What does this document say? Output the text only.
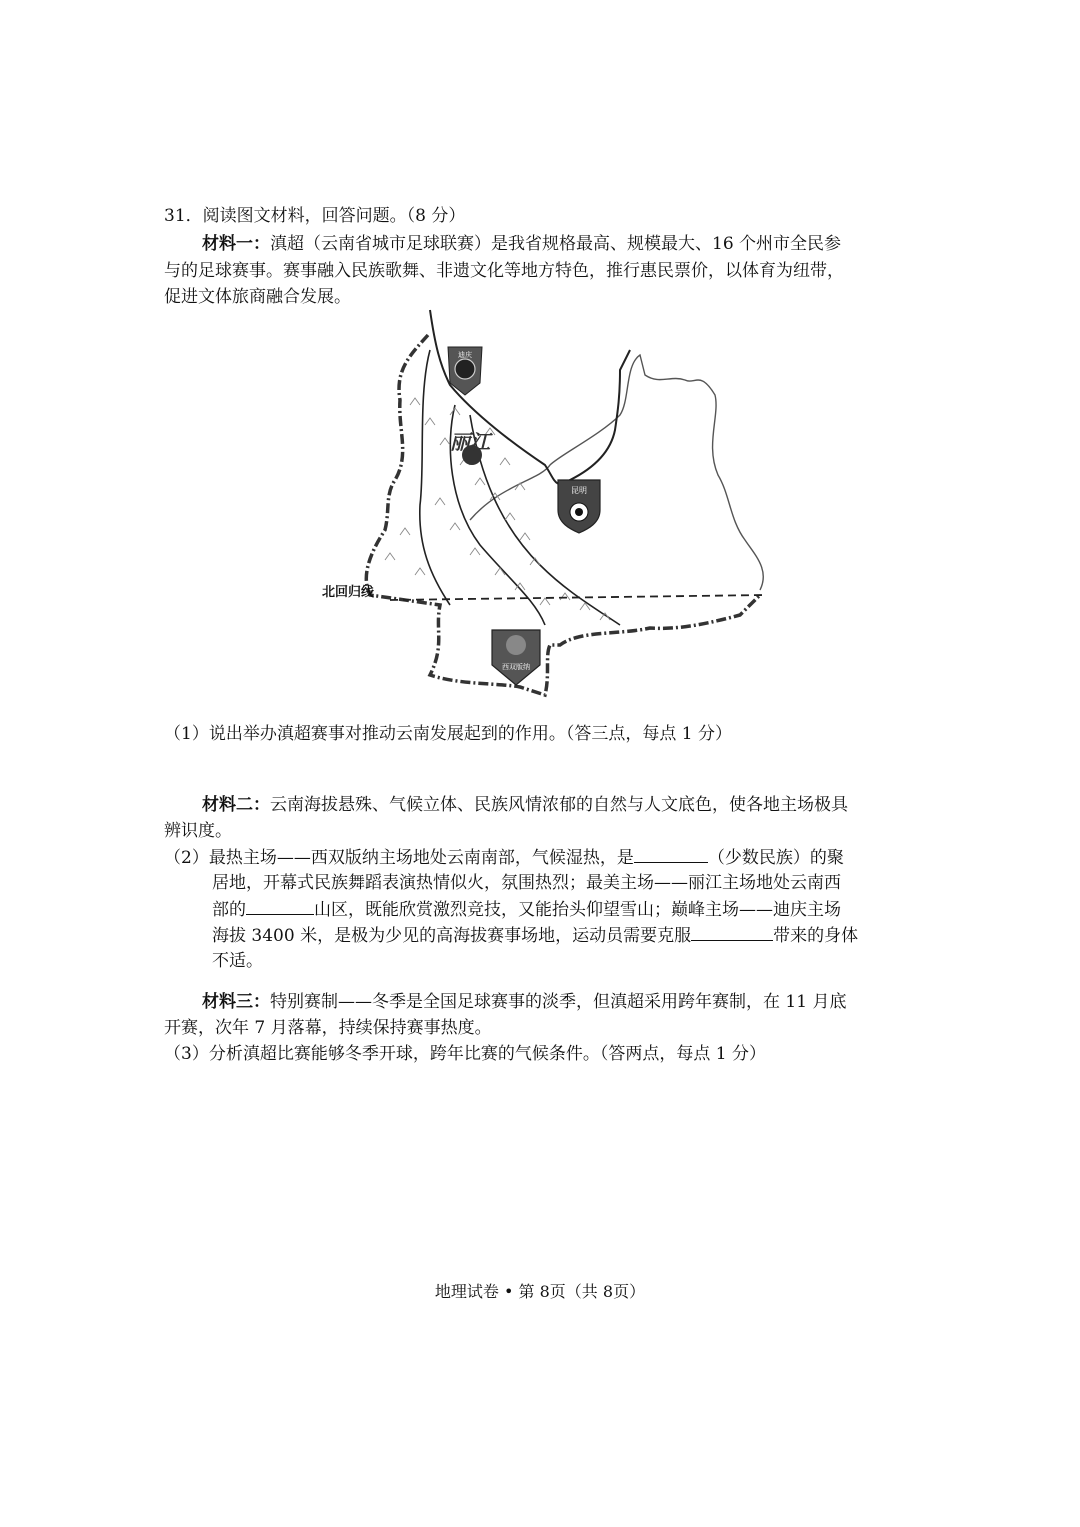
31．阅读图文材料，回答问题。（8 分）
材料一：滇超（云南省城市足球联赛）是我省规格最高、规模最大、16 个州市全民参
与的足球赛事。赛事融入民族歌舞、非遗文化等地方特色，推行惠民票价，以体育为纽带，
促进文体旅商融合发展。
北回归线
迪庆
丽江
昆明
西双版纳
（1）说出举办滇超赛事对推动云南发展起到的作用。（答三点，每点 1 分）
材料二：云南海拔悬殊、气候立体、民族风情浓郁的自然与人文底色，使各地主场极具
辨识度。
（2）最热主场——西双版纳主场地处云南南部，气候湿热，是	（少数民族）的聚
居地，开幕式民族舞蹈表演热情似火，氛围热烈；最美主场——丽江主场地处云南西
部的	山区，既能欣赏激烈竞技，又能抬头仰望雪山；巅峰主场——迪庆主场
海拔 3400 米，是极为少见的高海拔赛事场地，运动员需要克服	带来的身体
不适。
材料三：特别赛制——冬季是全国足球赛事的淡季，但滇超采用跨年赛制，在 11 月底
开赛，次年 7 月落幕，持续保持赛事热度。
（3）分析滇超比赛能够冬季开球，跨年比赛的气候条件。（答两点，每点 1 分）
地理试卷 • 第 8页（共 8页）
